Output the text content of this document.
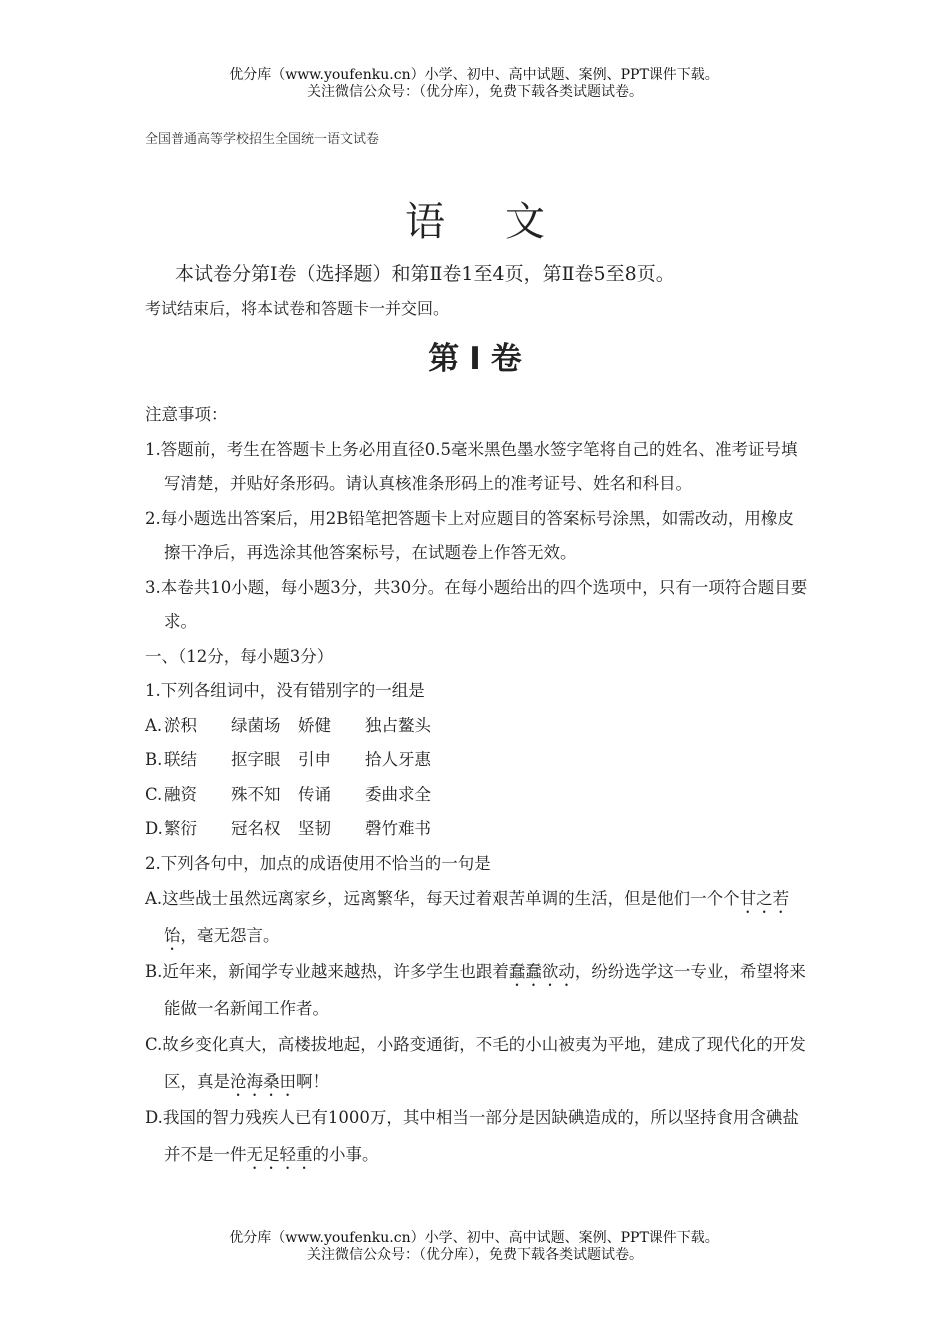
优分库（www.youfenku.cn）小学、初中、高中试题、案例、PPT课件下载。
关注微信公众号：（优分库），免费下载各类试题试卷。
全国普通高等学校招生全国统一语文试卷
语文
本试卷分第Ⅰ卷（选择题）和第Ⅱ卷1至4页，第Ⅱ卷5至8页。
考试结束后，将本试卷和答题卡一并交回。
第Ⅰ卷
注意事项：
1.答题前，考生在答题卡上务必用直径0.5毫米黑色墨水签字笔将自己的姓名、准考证号填写清楚，并贴好条形码。请认真核准条形码上的准考证号、姓名和科目。
2.每小题选出答案后，用2B铅笔把答题卡上对应题目的答案标号涂黑，如需改动，用橡皮擦干净后，再选涂其他答案标号，在试题卷上作答无效。
3.本卷共10小题，每小题3分，共30分。在每小题给出的四个选项中，只有一项符合题目要求。
一、（12分，每小题3分）
1.下列各组词中，没有错别字的一组是
A. 淤积	绿菌场	娇健	独占鳌头
B. 联结	抠字眼	引申	拾人牙惠
C. 融资	殊不知	传诵	委曲求全
D. 繁衍	冠名权	坚韧	磬竹难书
2.下列各句中，加点的成语使用不恰当的一句是
A.这些战士虽然远离家乡，远离繁华，每天过着艰苦单调的生活，但是他们一个个甘之若饴，毫无怨言。
B.近年来，新闻学专业越来越热，许多学生也跟着蠢蠢欲动，纷纷选学这一专业，希望将来能做一名新闻工作者。
C.故乡变化真大，高楼拔地起，小路变通街，不毛的小山被夷为平地，建成了现代化的开发区，真是沧海桑田啊！
D.我国的智力残疾人已有1000万，其中相当一部分是因缺碘造成的，所以坚持食用含碘盐并不是一件无足轻重的小事。
优分库（www.youfenku.cn）小学、初中、高中试题、案例、PPT课件下载。
关注微信公众号：（优分库），免费下载各类试题试卷。
